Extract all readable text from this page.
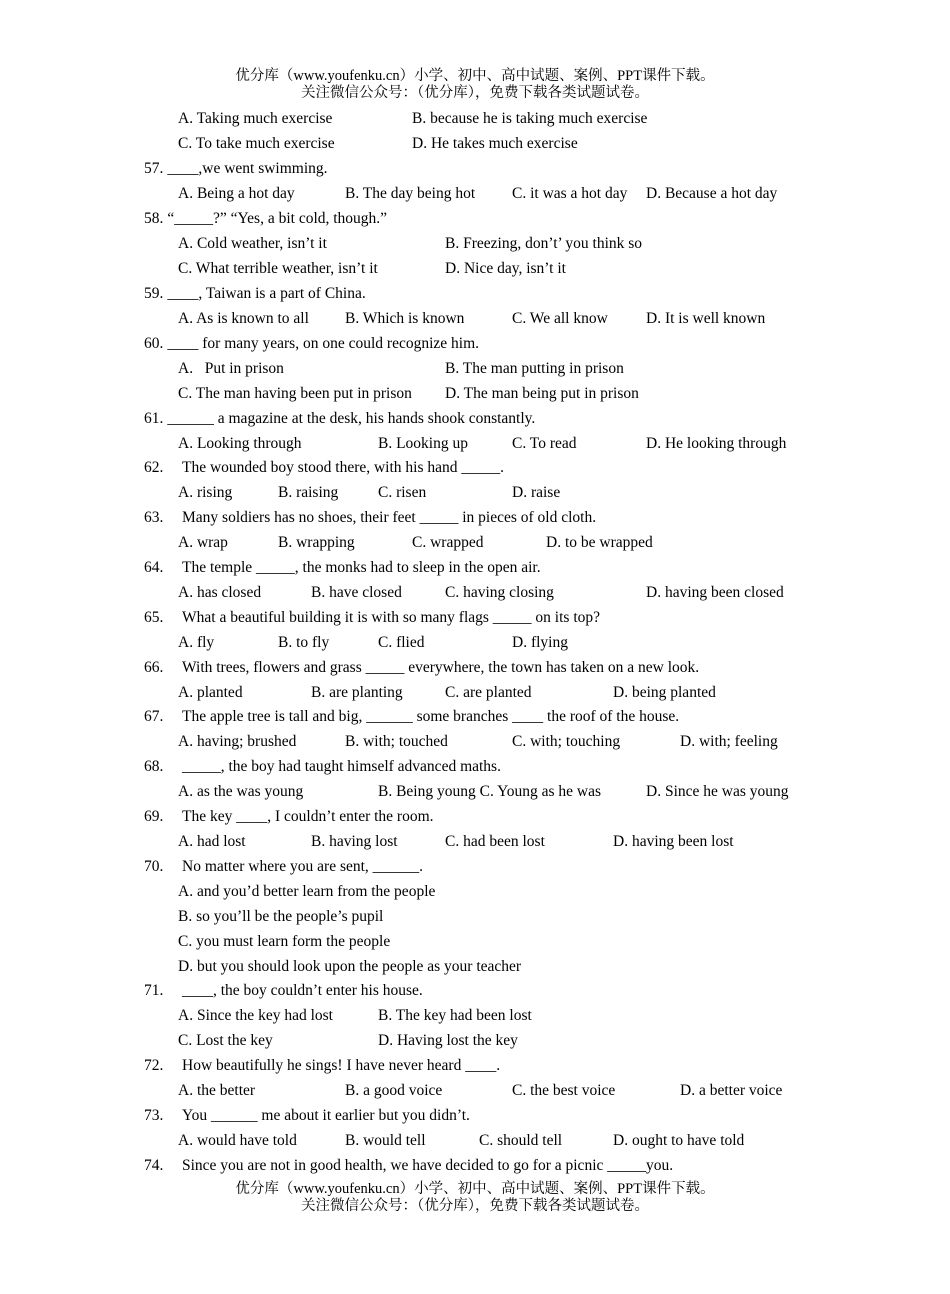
优分库（www.youfenku.cn）小学、初中、高中试题、案例、PPT课件下载。
关注微信公众号：（优分库），免费下载各类试题试卷。
A. Taking much exercise	B. because he is taking much exercise
C. To take much exercise	D. He takes much exercise
57. ____,we went swimming.
A. Being a hot day	B. The day being hot C. it was a hot day D. Because a hot day
58. “_____?” “Yes, a bit cold, though.”
A. Cold weather, isn’t it	B. Freezing, don’t’ you think so
C. What terrible weather, isn’t it	D. Nice day, isn’t it
59. ____, Taiwan is a part of China.
A. As is known to all B. Which is known	C. We all know D. It is well known
60. ____ for many years, on one could recognize him.
A.   Put in prison	B. The man putting in prison
C. The man having been put in prison D. The man being put in prison
61. ______ a magazine at the desk, his hands shook constantly.
A. Looking through	B. Looking up	C. To read	D. He looking through
62. The wounded boy stood there, with his hand _____.
A. rising	B. raising	C. risen	D. raise
63. Many soldiers has no shoes, their feet _____ in pieces of old cloth.
A. wrap	B. wrapping	C. wrapped	D. to be wrapped
64. The temple _____, the monks had to sleep in the open air.
A. has closed	B. have closed	C. having closing	D. having been closed
65. What a beautiful building it is with so many flags _____ on its top?
A. fly	B. to fly	C. flied	D. flying
66. With trees, flowers and grass _____ everywhere, the town has taken on a new look.
A. planted	B. are planting	C. are planted	D. being planted
67. The apple tree is tall and big, ______ some branches ____ the roof of the house.
A. having; brushed	B. with; touched	C. with; touching	D. with; feeling
68. _____, the boy had taught himself advanced maths.
A. as the was young	B. Being young C. Young as he was	D. Since he was young
69. The key ____, I couldn’t enter the room.
A. had lost	B. having lost	C. had been lost	D. having been lost
70. No matter where you are sent, ______.
A. and you’d better learn from the people
B. so you’ll be the people’s pupil
C. you must learn form the people
D. but you should look upon the people as your teacher
71. ____, the boy couldn’t enter his house.
A. Since the key had lost	B. The key had been lost
C. Lost the key	D. Having lost the key
72. How beautifully he sings! I have never heard ____.
A. the better	B. a good voice	C. the best voice	D. a better voice
73. You ______ me about it earlier but you didn’t.
A. would have told	B. would tell	C. should tell	D. ought to have told
74. Since you are not in good health, we have decided to go for a picnic _____you.
优分库（www.youfenku.cn）小学、初中、高中试题、案例、PPT课件下载。
关注微信公众号：（优分库），免费下载各类试题试卷。
